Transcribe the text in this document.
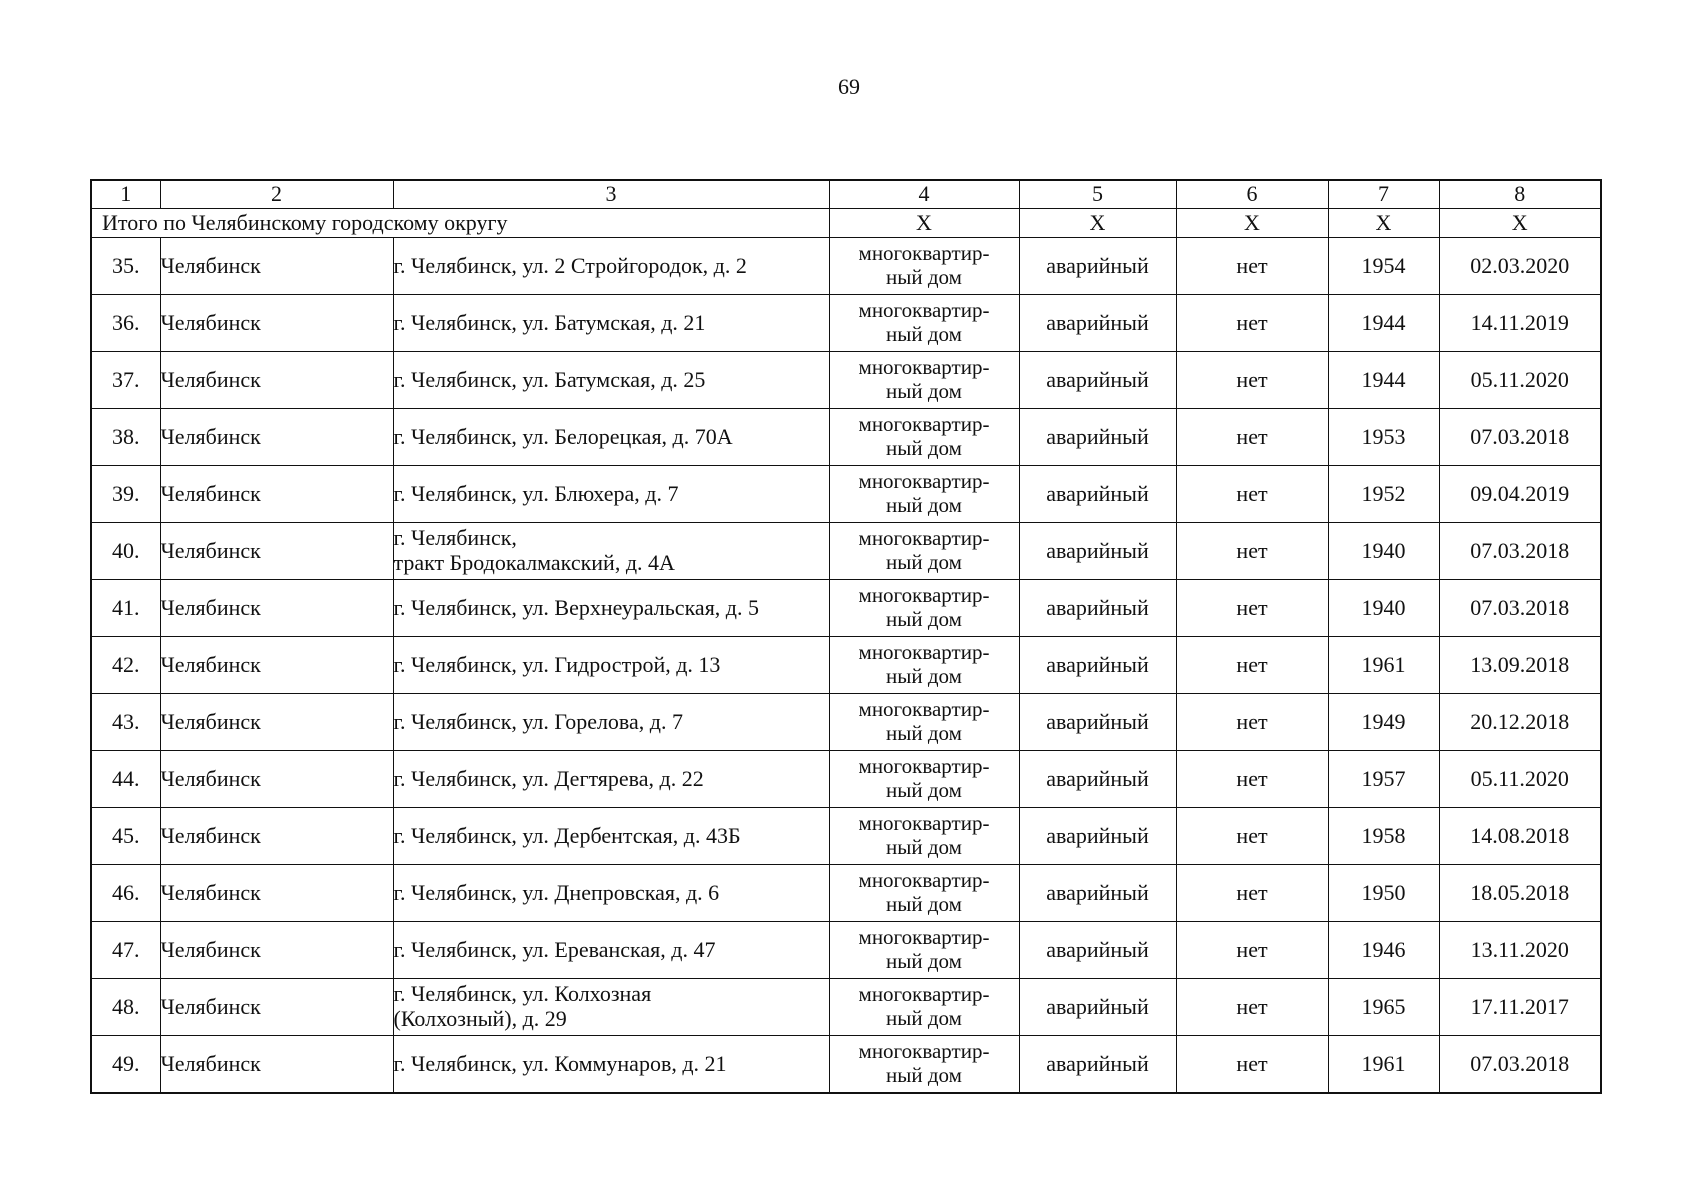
69
1	2	3	4	5	6	7	8
Итого по Челябинскому городскому округу			Х	Х	Х	Х	Х
35.	Челябинск	г. Челябинск, ул. 2 Стройгородок, д. 2	многоквартир-
ный дом	аварийный	нет	1954	02.03.2020
36.	Челябинск	г. Челябинск, ул. Батумская, д. 21	многоквартир-
ный дом	аварийный	нет	1944	14.11.2019
37.	Челябинск	г. Челябинск, ул. Батумская, д. 25	многоквартир-
ный дом	аварийный	нет	1944	05.11.2020
38.	Челябинск	г. Челябинск, ул. Белорецкая, д. 70А	многоквартир-
ный дом	аварийный	нет	1953	07.03.2018
39.	Челябинск	г. Челябинск, ул. Блюхера, д. 7	многоквартир-
ный дом	аварийный	нет	1952	09.04.2019
40.	Челябинск	г. Челябинск,
тракт Бродокалмакский, д. 4А	многоквартир-
ный дом	аварийный	нет	1940	07.03.2018
41.	Челябинск	г. Челябинск, ул. Верхнеуральская, д. 5	многоквартир-
ный дом	аварийный	нет	1940	07.03.2018
42.	Челябинск	г. Челябинск, ул. Гидрострой, д. 13	многоквартир-
ный дом	аварийный	нет	1961	13.09.2018
43.	Челябинск	г. Челябинск, ул. Горелова, д. 7	многоквартир-
ный дом	аварийный	нет	1949	20.12.2018
44.	Челябинск	г. Челябинск, ул. Дегтярева, д. 22	многоквартир-
ный дом	аварийный	нет	1957	05.11.2020
45.	Челябинск	г. Челябинск, ул. Дербентская, д. 43Б	многоквартир-
ный дом	аварийный	нет	1958	14.08.2018
46.	Челябинск	г. Челябинск, ул. Днепровская, д. 6	многоквартир-
ный дом	аварийный	нет	1950	18.05.2018
47.	Челябинск	г. Челябинск, ул. Ереванская, д. 47	многоквартир-
ный дом	аварийный	нет	1946	13.11.2020
48.	Челябинск	г. Челябинск, ул. Колхозная
(Колхозный), д. 29	многоквартир-
ный дом	аварийный	нет	1965	17.11.2017
49.	Челябинск	г. Челябинск, ул. Коммунаров, д. 21	многоквартир-
ный дом	аварийный	нет	1961	07.03.2018
